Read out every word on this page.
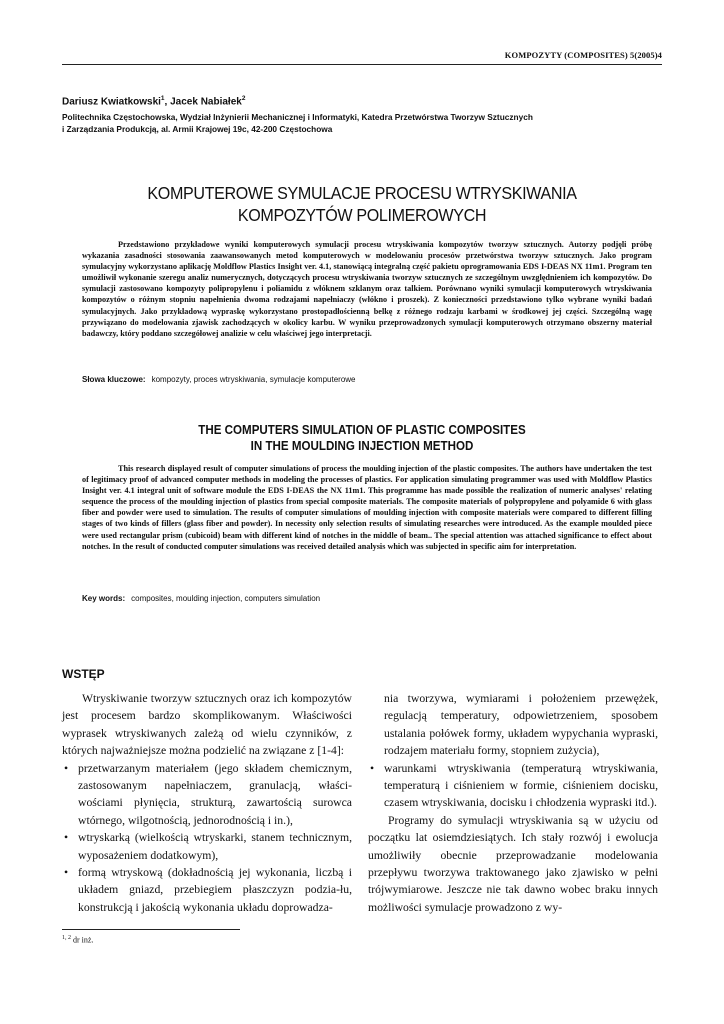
KOMPOZYTY (COMPOSITES) 5(2005)4
Dariusz Kwiatkowski$^1$, Jacek Nabiałek$^2$
Politechnika Częstochowska, Wydział Inżynierii Mechanicznej i Informatyki, Katedra Przetwórstwa Tworzyw Sztucznych
i Zarządzania Produkcją, al. Armii Krajowej 19c, 42-200 Częstochowa
KOMPUTEROWE SYMULACJE PROCESU WTRYSKIWANIA
KOMPOZYTÓW POLIMEROWYCH

Przedstawiono przykładowe wyniki komputerowych symulacji procesu wtryskiwania kompozytów tworzyw sztucznych. Autorzy podjęli próbę wykazania zasadności stosowania zaawansowanych metod komputerowych w modelowaniu procesów przetwórstwa tworzyw sztucznych. Jako program symulacyjny wykorzystano aplikację Moldflow Plastics Insight ver. 4.1, stanowiącą integralną część pakietu oprogramowania EDS I-DEAS NX 11m1. Program ten umożliwił wykonanie szeregu analiz numerycznych, dotyczących procesu wtryskiwania tworzyw sztucznych ze szczególnym uwzględnieniem ich kompozytów. Do symulacji zastosowano kompozyty polipropylenu i poliamidu z włóknem szklanym oraz talkiem. Porównano wyniki symulacji komputerowych wtryskiwania kompozytów o różnym stopniu napełnienia dwoma rodzajami napełniaczy (włókno i proszek). Z konieczności przedstawiono tylko wybrane wyniki badań symulacyjnych. Jako przykładową wypraskę wykorzystano prostopadłościenną belkę z różnego rodzaju karbami w środkowej jej części. Szczególną wagę przywiązano do modelowania zjawisk zachodzących w okolicy karbu. W wyniku przeprowadzonych symulacji komputerowych otrzymano obszerny materiał badawczy, który poddano szczegółowej analizie w celu właściwej jego interpretacji.

Słowa kluczowe: kompozyty, proces wtryskiwania, symulacje komputerowe
THE COMPUTERS SIMULATION OF PLASTIC COMPOSITES
IN THE MOULDING INJECTION METHOD

This research displayed result of computer simulations of process the moulding injection of the plastic composites. The authors have undertaken the test of legitimacy proof of advanced computer methods in modeling the processes of plastics. For application simulating programmer was used with Moldflow Plastics Insight ver. 4.1 integral unit of software module the EDS I-DEAS the NX 11m1. This programme has made possible the realization of numeric analyses' relating sequence the process of the moulding injection of plastics from special composite materials. The composite materials of polypropylene and polyamide 6 with glass fiber and powder were used to simulation. The results of computer simulations of moulding injection with composite materials were compared to different filling stages of two kinds of fillers (glass fiber and powder). In necessity only selection results of simulating researches were introduced. As the example moulded piece were used rectangular prism (cubicoid) beam with different kind of notches in the middle of beam.. The special attention was attached significance to effect about notches. In the result of conducted computer simulations was received detailed analysis which was subjected in specific aim for interpretation.

Key words: composites, moulding injection, computers simulation
WSTĘP

Wtryskiwanie tworzyw sztucznych oraz ich kompozytów jest procesem bardzo skomplikowanym. Właściwości wyprasek wtryskiwanych zależą od wielu czynników, z których najważniejsze można podzielić na związane z [1-4]:

• przetwarzanym materiałem (jego składem chemicznym, zastosowanym napełniaczem, granulacją, właści- wościami płynięcia, strukturą, zawartością surowca wtórnego, wilgotnością, jednorodnością i in.),
• wtryskarką (wielkością wtryskarki, stanem technicznym, wyposażeniem dodatkowym),
• formą wtryskową (dokładnością jej wykonania, liczbą i układem gniazd, przebiegiem płaszczyzn podzia-łu, konstrukcją i jakością wykonania układu doprowadza-

nia tworzywa, wymiarami i położeniem przewężek, regulacją temperatury, odpowietrzeniem, sposobem ustalania połówek formy, układem wypychania wypraski, rodzajem materiału formy, stopniem zużycia),

• warunkami wtryskiwania (temperaturą wtryskiwania, temperaturą i ciśnieniem w formie, ciśnieniem docisku, czasem wtryskiwania, docisku i chłodzenia wypraski itd.).

Programy do symulacji wtryskiwania są w użyciu od początku lat osiemdziesiątych. Ich stały rozwój i ewolucja umożliwiły obecnie przeprowadzanie modelowania przepływu tworzywa traktowanego jako zjawisko w pełni trójwymiarowe. Jeszcze nie tak dawno wobec braku innych możliwości symulacje prowadzono z wy-

$^{1, 2}$ dr inż.
